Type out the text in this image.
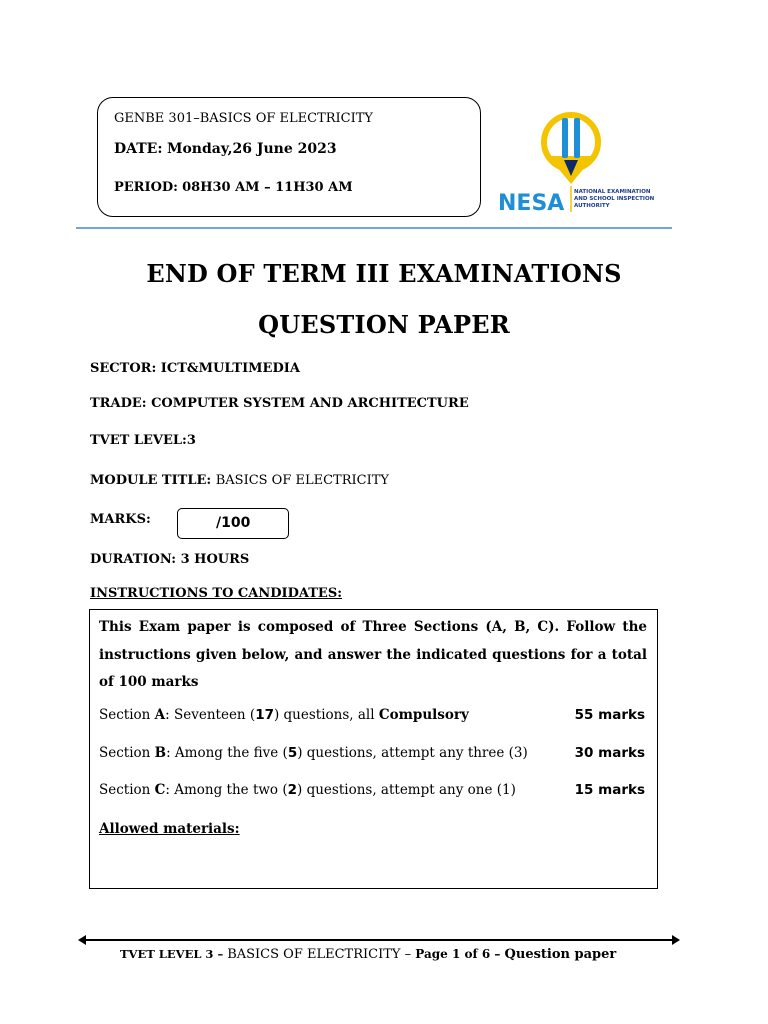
GENBE 301–BASICS OF ELECTRICITY
DATE: Monday,26 June 2023
PERIOD: 08H30 AM – 11H30 AM
NESA NATIONAL EXAMINATION
AND SCHOOL INSPECTION
AUTHORITY
END OF TERM III EXAMINATIONS
QUESTION PAPER
SECTOR: ICT&MULTIMEDIA
TRADE: COMPUTER SYSTEM AND ARCHITECTURE
TVET LEVEL:3
MODULE TITLE: BASICS OF ELECTRICITY
MARKS:	/100
DURATION: 3 HOURS
INSTRUCTIONS TO CANDIDATES:
This Exam paper is composed of Three Sections (A, B, C). Follow the instructions given below, and answer the indicated questions for a total of 100 marks
Section A: Seventeen (17) questions, all Compulsory	55 marks
Section B: Among the five (5) questions, attempt any three (3)	30 marks
Section C: Among the two (2) questions, attempt any one (1)	15 marks
Allowed materials:
TVET LEVEL 3 – BASICS OF ELECTRICITY – Page 1 of 6 – Question paper
